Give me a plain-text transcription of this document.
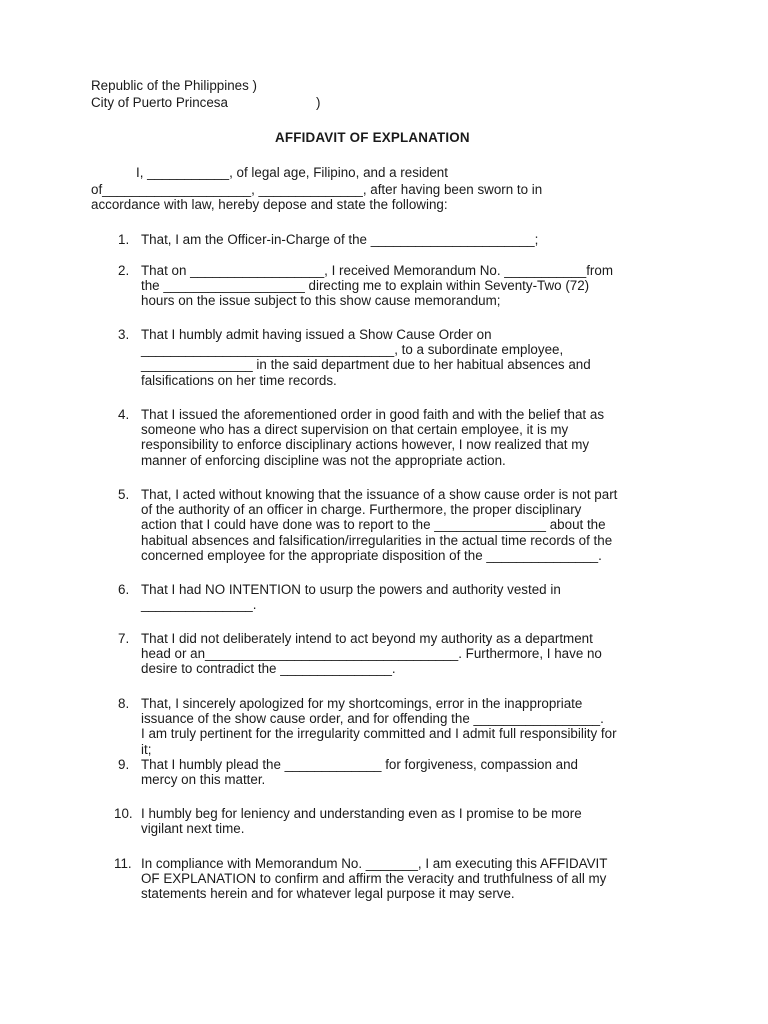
Republic of the Philippines )
City of Puerto Princesa	)
AFFIDAVIT OF EXPLANATION
I, ___________, of legal age, Filipino, and a resident
of____________________, ______________, after having been sworn to in
accordance with law, hereby depose and state the following:
1. That, I am the Officer-in-Charge of the ______________________;
2. That on __________________, I received Memorandum No. ___________from
the ___________________ directing me to explain within Seventy-Two (72)
hours on the issue subject to this show cause memorandum;
3. That I humbly admit having issued a Show Cause Order on
__________________________________, to a subordinate employee,
_______________ in the said department due to her habitual absences and
falsifications on her time records.
4. That I issued the aforementioned order in good faith and with the belief that as
someone who has a direct supervision on that certain employee, it is my
responsibility to enforce disciplinary actions however, I now realized that my
manner of enforcing discipline was not the appropriate action.
5. That, I acted without knowing that the issuance of a show cause order is not part
of the authority of an officer in charge. Furthermore, the proper disciplinary
action that I could have done was to report to the _______________ about the
habitual absences and falsification/irregularities in the actual time records of the
concerned employee for the appropriate disposition of the _______________.
6. That I had NO INTENTION to usurp the powers and authority vested in
_______________.
7. That I did not deliberately intend to act beyond my authority as a department
head or an__________________________________. Furthermore, I have no
desire to contradict the _______________.
8. That, I sincerely apologized for my shortcomings, error in the inappropriate
issuance of the show cause order, and for offending the _________________.
I am truly pertinent for the irregularity committed and I admit full responsibility for
it;
9. That I humbly plead the _____________ for forgiveness, compassion and
mercy on this matter.
10. I humbly beg for leniency and understanding even as I promise to be more
vigilant next time.
11. In compliance with Memorandum No. _______, I am executing this AFFIDAVIT
OF EXPLANATION to confirm and affirm the veracity and truthfulness of all my
statements herein and for whatever legal purpose it may serve.
